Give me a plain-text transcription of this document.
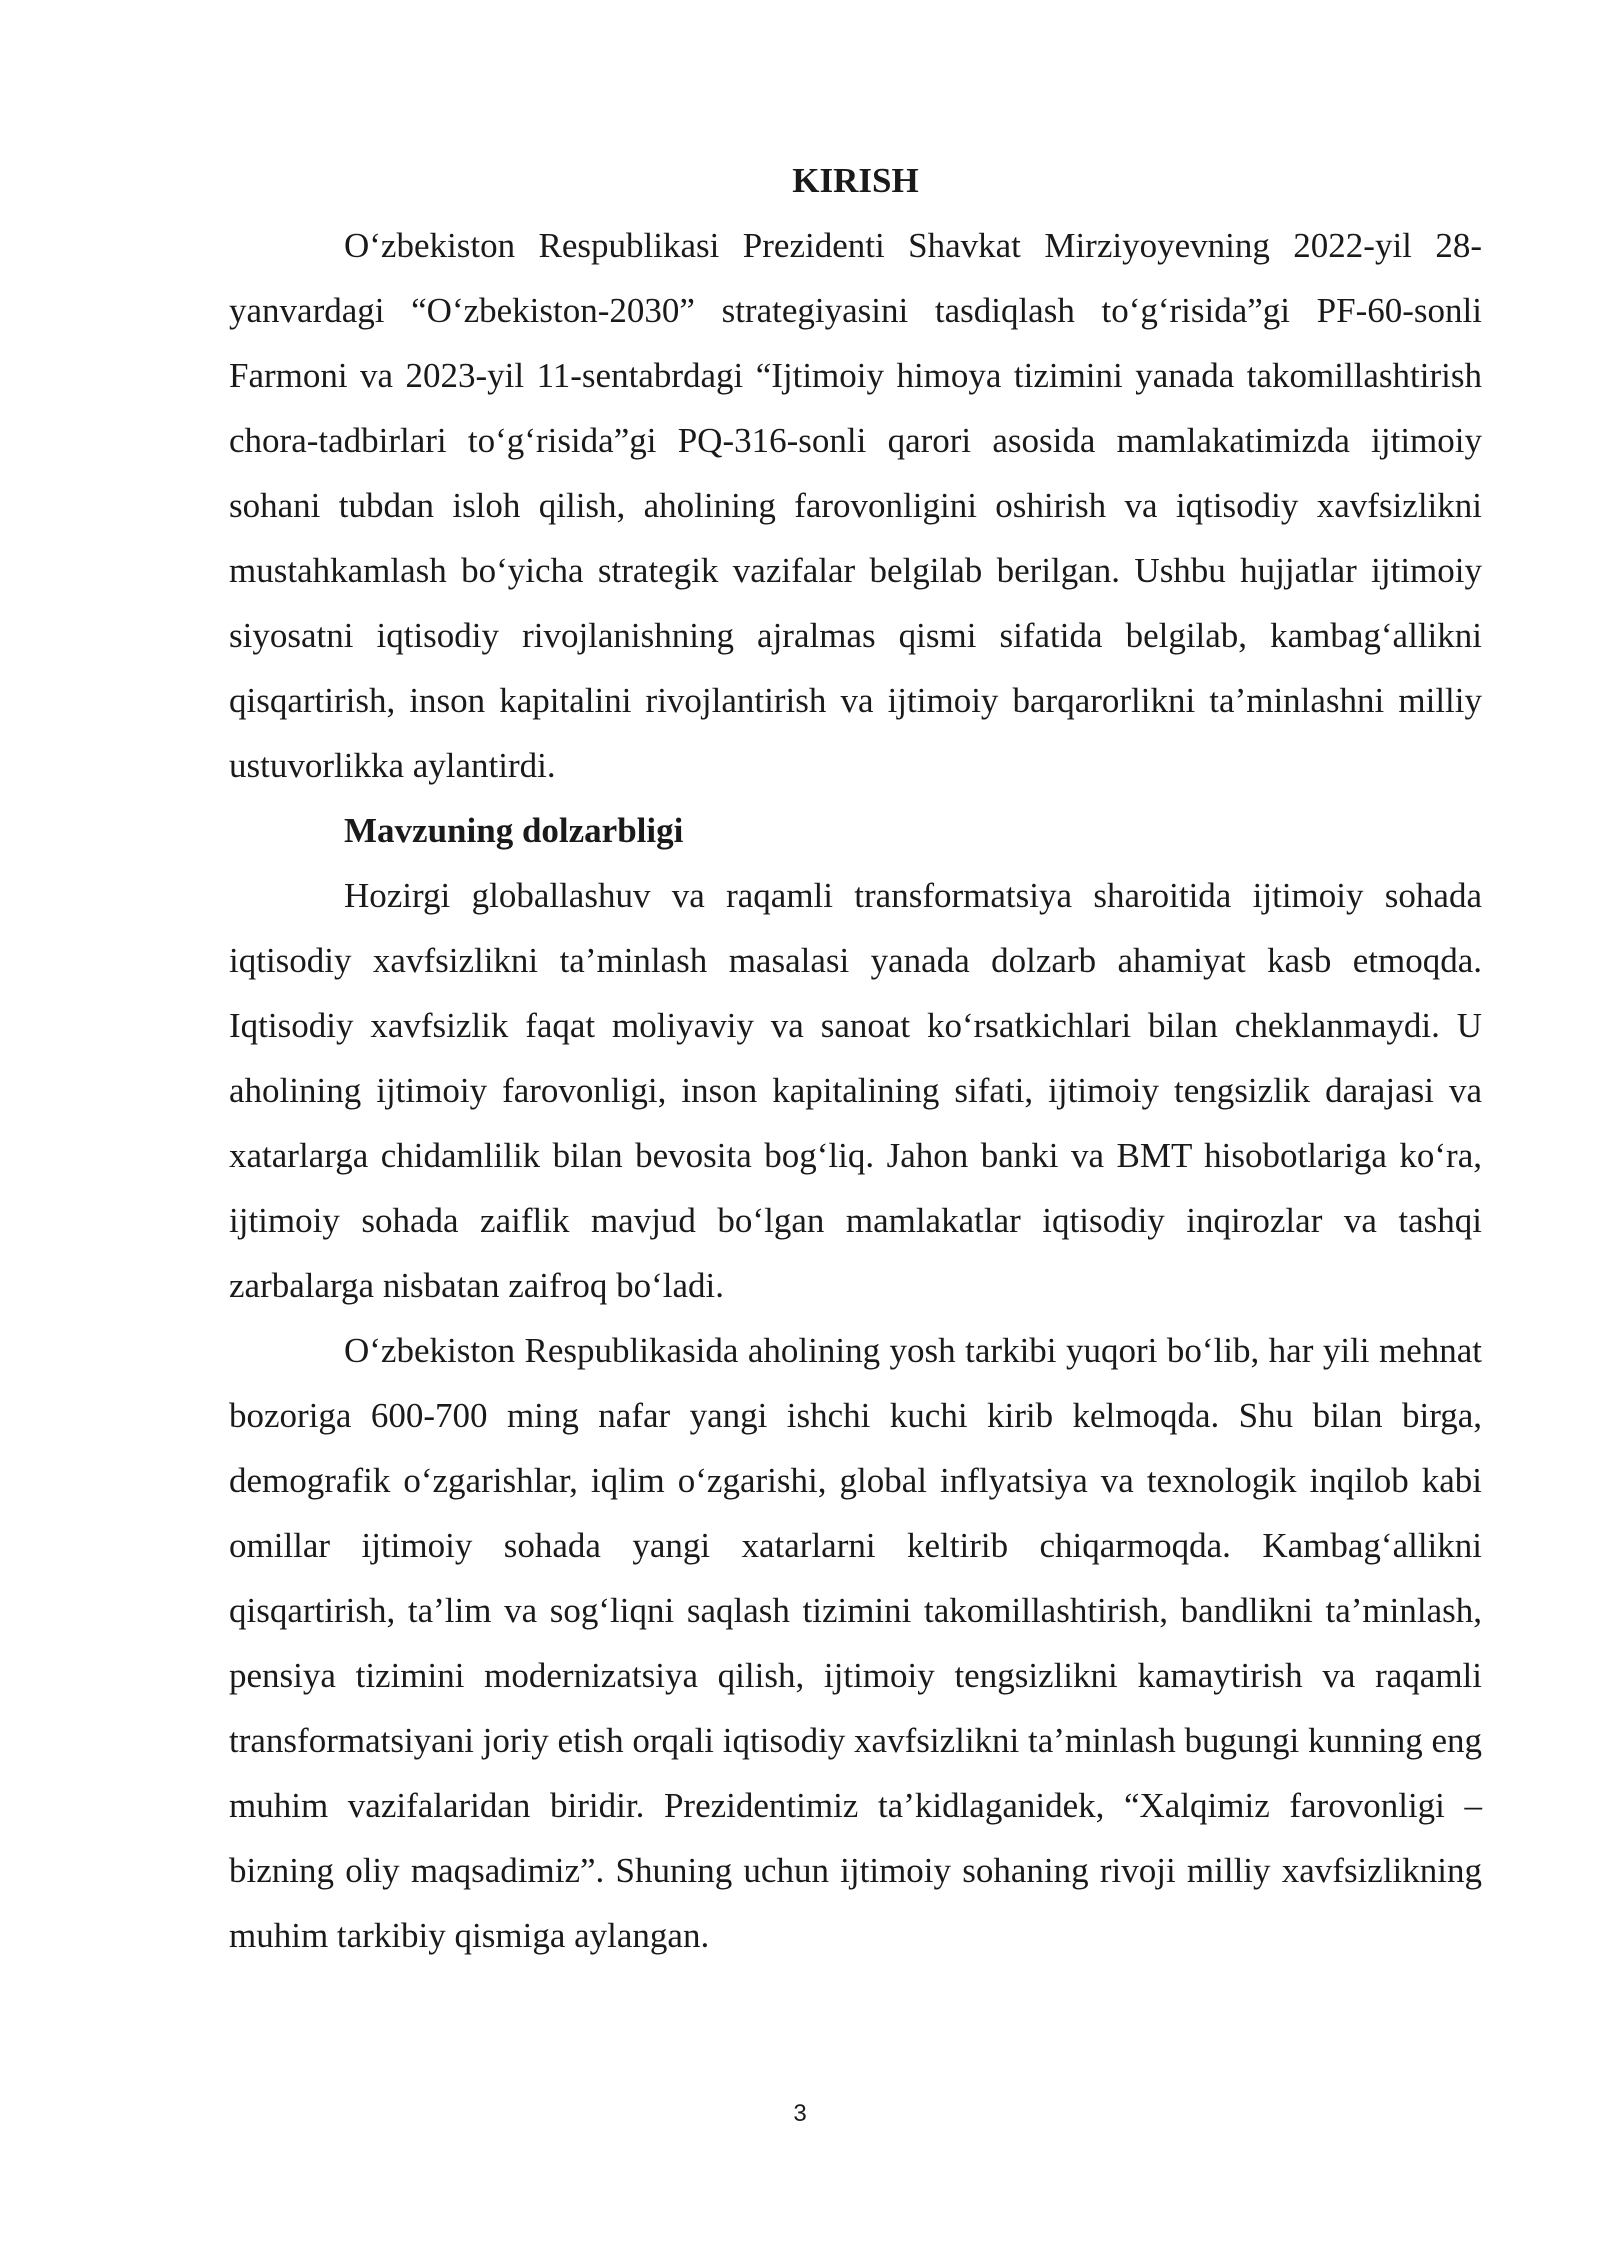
KIRISH

O‘zbekiston Respublikasi Prezidenti Shavkat Mirziyoyevning 2022-yil 28-yanvardagi “O‘zbekiston-2030” strategiyasini tasdiqlash to‘g‘risida”gi PF-60-sonli Farmoni va 2023-yil 11-sentabrdagi “Ijtimoiy himoya tizimini yanada takomillashtirish chora-tadbirlari to‘g‘risida”gi PQ-316-sonli qarori asosida mamlakatimizda ijtimoiy sohani tubdan isloh qilish, aholining farovonligini oshirish va iqtisodiy xavfsizlikni mustahkamlash bo‘yicha strategik vazifalar belgilab berilgan. Ushbu hujjatlar ijtimoiy siyosatni iqtisodiy rivojlanishning ajralmas qismi sifatida belgilab, kambag‘allikni qisqartirish, inson kapitalini rivojlantirish va ijtimoiy barqarorlikni ta’minlashni milliy ustuvorlikka aylantirdi.

Mavzuning dolzarbligi

Hozirgi globallashuv va raqamli transformatsiya sharoitida ijtimoiy sohada iqtisodiy xavfsizlikni ta’minlash masalasi yanada dolzarb ahamiyat kasb etmoqda. Iqtisodiy xavfsizlik faqat moliyaviy va sanoat ko‘rsatkichlari bilan cheklanmaydi. U aholining ijtimoiy farovonligi, inson kapitalining sifati, ijtimoiy tengsizlik darajasi va xatarlarga chidamlilik bilan bevosita bog‘liq. Jahon banki va BMT hisobotlariga ko‘ra, ijtimoiy sohada zaiflik mavjud bo‘lgan mamlakatlar iqtisodiy inqirozlar va tashqi zarbalarga nisbatan zaifroq bo‘ladi.

O‘zbekiston Respublikasida aholining yosh tarkibi yuqori bo‘lib, har yili mehnat bozoriga 600-700 ming nafar yangi ishchi kuchi kirib kelmoqda. Shu bilan birga, demografik o‘zgarishlar, iqlim o‘zgarishi, global inflyatsiya va texnologik inqilob kabi omillar ijtimoiy sohada yangi xatarlarni keltirib chiqarmoqda. Kambag‘allikni qisqartirish, ta’lim va sog‘liqni saqlash tizimini takomillashtirish, bandlikni ta’minlash, pensiya tizimini modernizatsiya qilish, ijtimoiy tengsizlikni kamaytirish va raqamli transformatsiyani joriy etish orqali iqtisodiy xavfsizlikni ta’minlash bugungi kunning eng muhim vazifalaridan biridir. Prezidentimiz ta’kidlaganidek, “Xalqimiz farovonligi – bizning oliy maqsadimiz”. Shuning uchun ijtimoiy sohaning rivoji milliy xavfsizlikning muhim tarkibiy qismiga aylangan.

3
